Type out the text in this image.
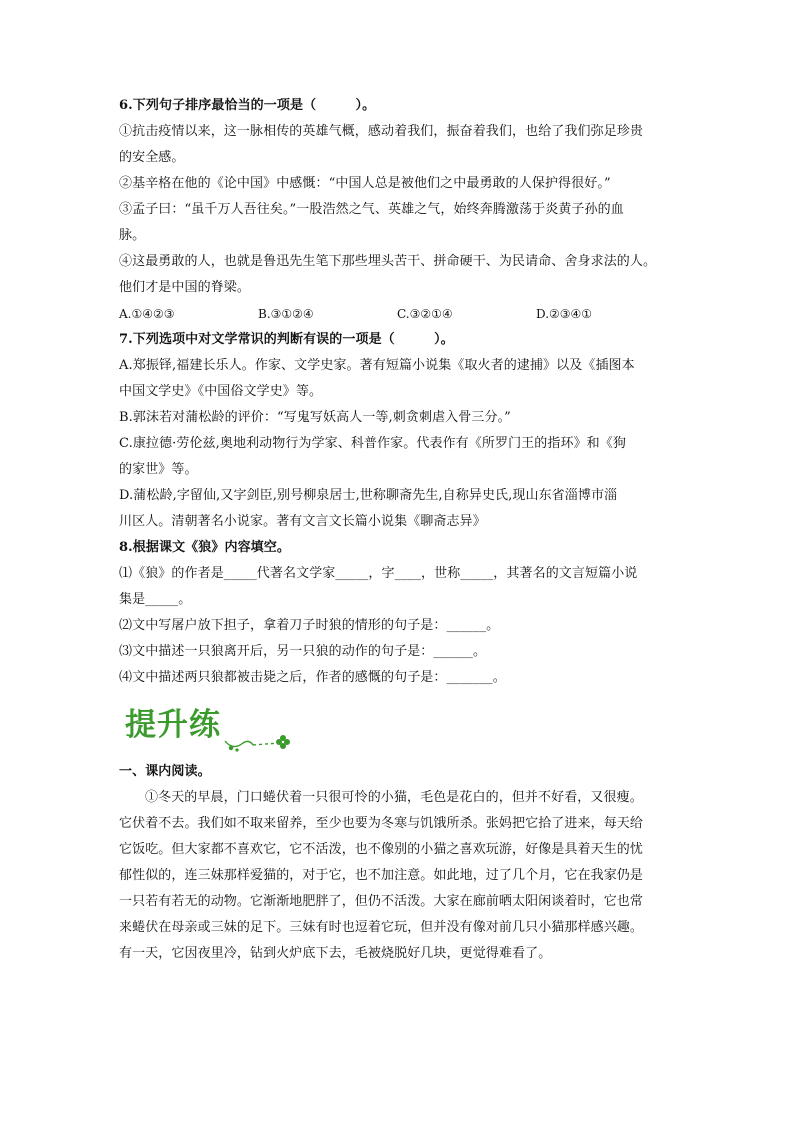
6.下列句子排序最恰当的一项是（　　　）。
①抗击疫情以来，这一脉相传的英雄气概，感动着我们，振奋着我们，也给了我们弥足珍贵
的安全感。
②基辛格在他的《论中国》中感慨：“中国人总是被他们之中最勇敢的人保护得很好。”
③孟子曰：“虽千万人吾往矣。”一股浩然之气、英雄之气，始终奔腾激荡于炎黄子孙的血
脉。
④这最勇敢的人，也就是鲁迅先生笔下那些埋头苦干、拼命硬干、为民请命、舍身求法的人。
他们才是中国的脊梁。
A.①④②③	B.③①②④	C.③②①④	D.②③④①
7.下列选项中对文学常识的判断有误的一项是（　　　）。
A.郑振铎,福建长乐人。作家、文学史家。著有短篇小说集《取火者的逮捕》以及《插图本
中国文学史》《中国俗文学史》等。
B.郭沫若对蒲松龄的评价：“写鬼写妖高人一等,刺贪刺虐入骨三分。”
C.康拉德·劳伦兹,奥地利动物行为学家、科普作家。代表作有《所罗门王的指环》和《狗
的家世》等。
D.蒲松龄,字留仙,又字剑臣,别号柳泉居士,世称聊斋先生,自称异史氏,现山东省淄博市淄
川区人。清朝著名小说家。著有文言文长篇小说集《聊斋志异》
8.根据课文《狼》内容填空。
⑴《狼》的作者是_____代著名文学家_____，字____，世称_____，其著名的文言短篇小说
集是_____。
⑵文中写屠户放下担子，拿着刀子时狼的情形的句子是：______。
⑶文中描述一只狼离开后，另一只狼的动作的句子是：______。
⑷文中描述两只狼都被击毙之后，作者的感慨的句子是：_______。
提升练
一、课内阅读。
①冬天的早晨，门口蜷伏着一只很可怜的小猫，毛色是花白的，但并不好看，又很瘦。
它伏着不去。我们如不取来留养，至少也要为冬寒与饥饿所杀。张妈把它拾了进来，每天给
它饭吃。但大家都不喜欢它，它不活泼，也不像别的小猫之喜欢玩游，好像是具着天生的忧
郁性似的，连三妹那样爱猫的，对于它，也不加注意。如此地，过了几个月，它在我家仍是
一只若有若无的动物。它渐渐地肥胖了，但仍不活泼。大家在廊前晒太阳闲谈着时，它也常
来蜷伏在母亲或三妹的足下。三妹有时也逗着它玩，但并没有像对前几只小猫那样感兴趣。
有一天，它因夜里冷，钻到火炉底下去，毛被烧脱好几块，更觉得难看了。
